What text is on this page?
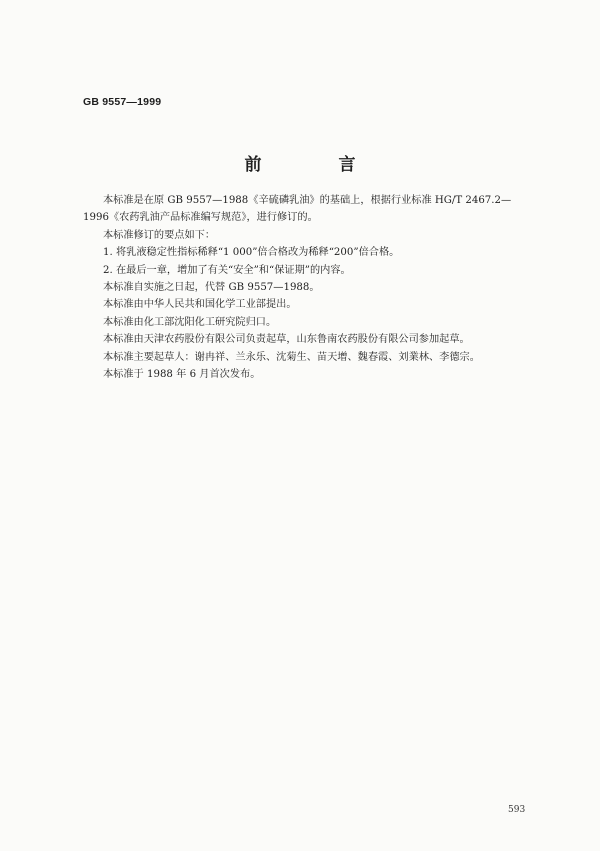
GB 9557—1999
前　言

本标准是在原 GB 9557—1988《辛硫磷乳油》的基础上，根据行业标准 HG/T 2467.2—1996《农药乳油产品标准编写规范》，进行修订的。

本标准修订的要点如下：

1. 将乳液稳定性指标稀释“1 000”倍合格改为稀释“200”倍合格。

2. 在最后一章，增加了有关“安全”和“保证期”的内容。

本标准自实施之日起，代替 GB 9557—1988。

本标准由中华人民共和国化学工业部提出。

本标准由化工部沈阳化工研究院归口。

本标准由天津农药股份有限公司负责起草，山东鲁南农药股份有限公司参加起草。

本标准主要起草人：谢冉祥、兰永乐、沈菊生、苗天增、魏春霞、刘業林、李德宗。

本标准于 1988 年 6 月首次发布。

593
